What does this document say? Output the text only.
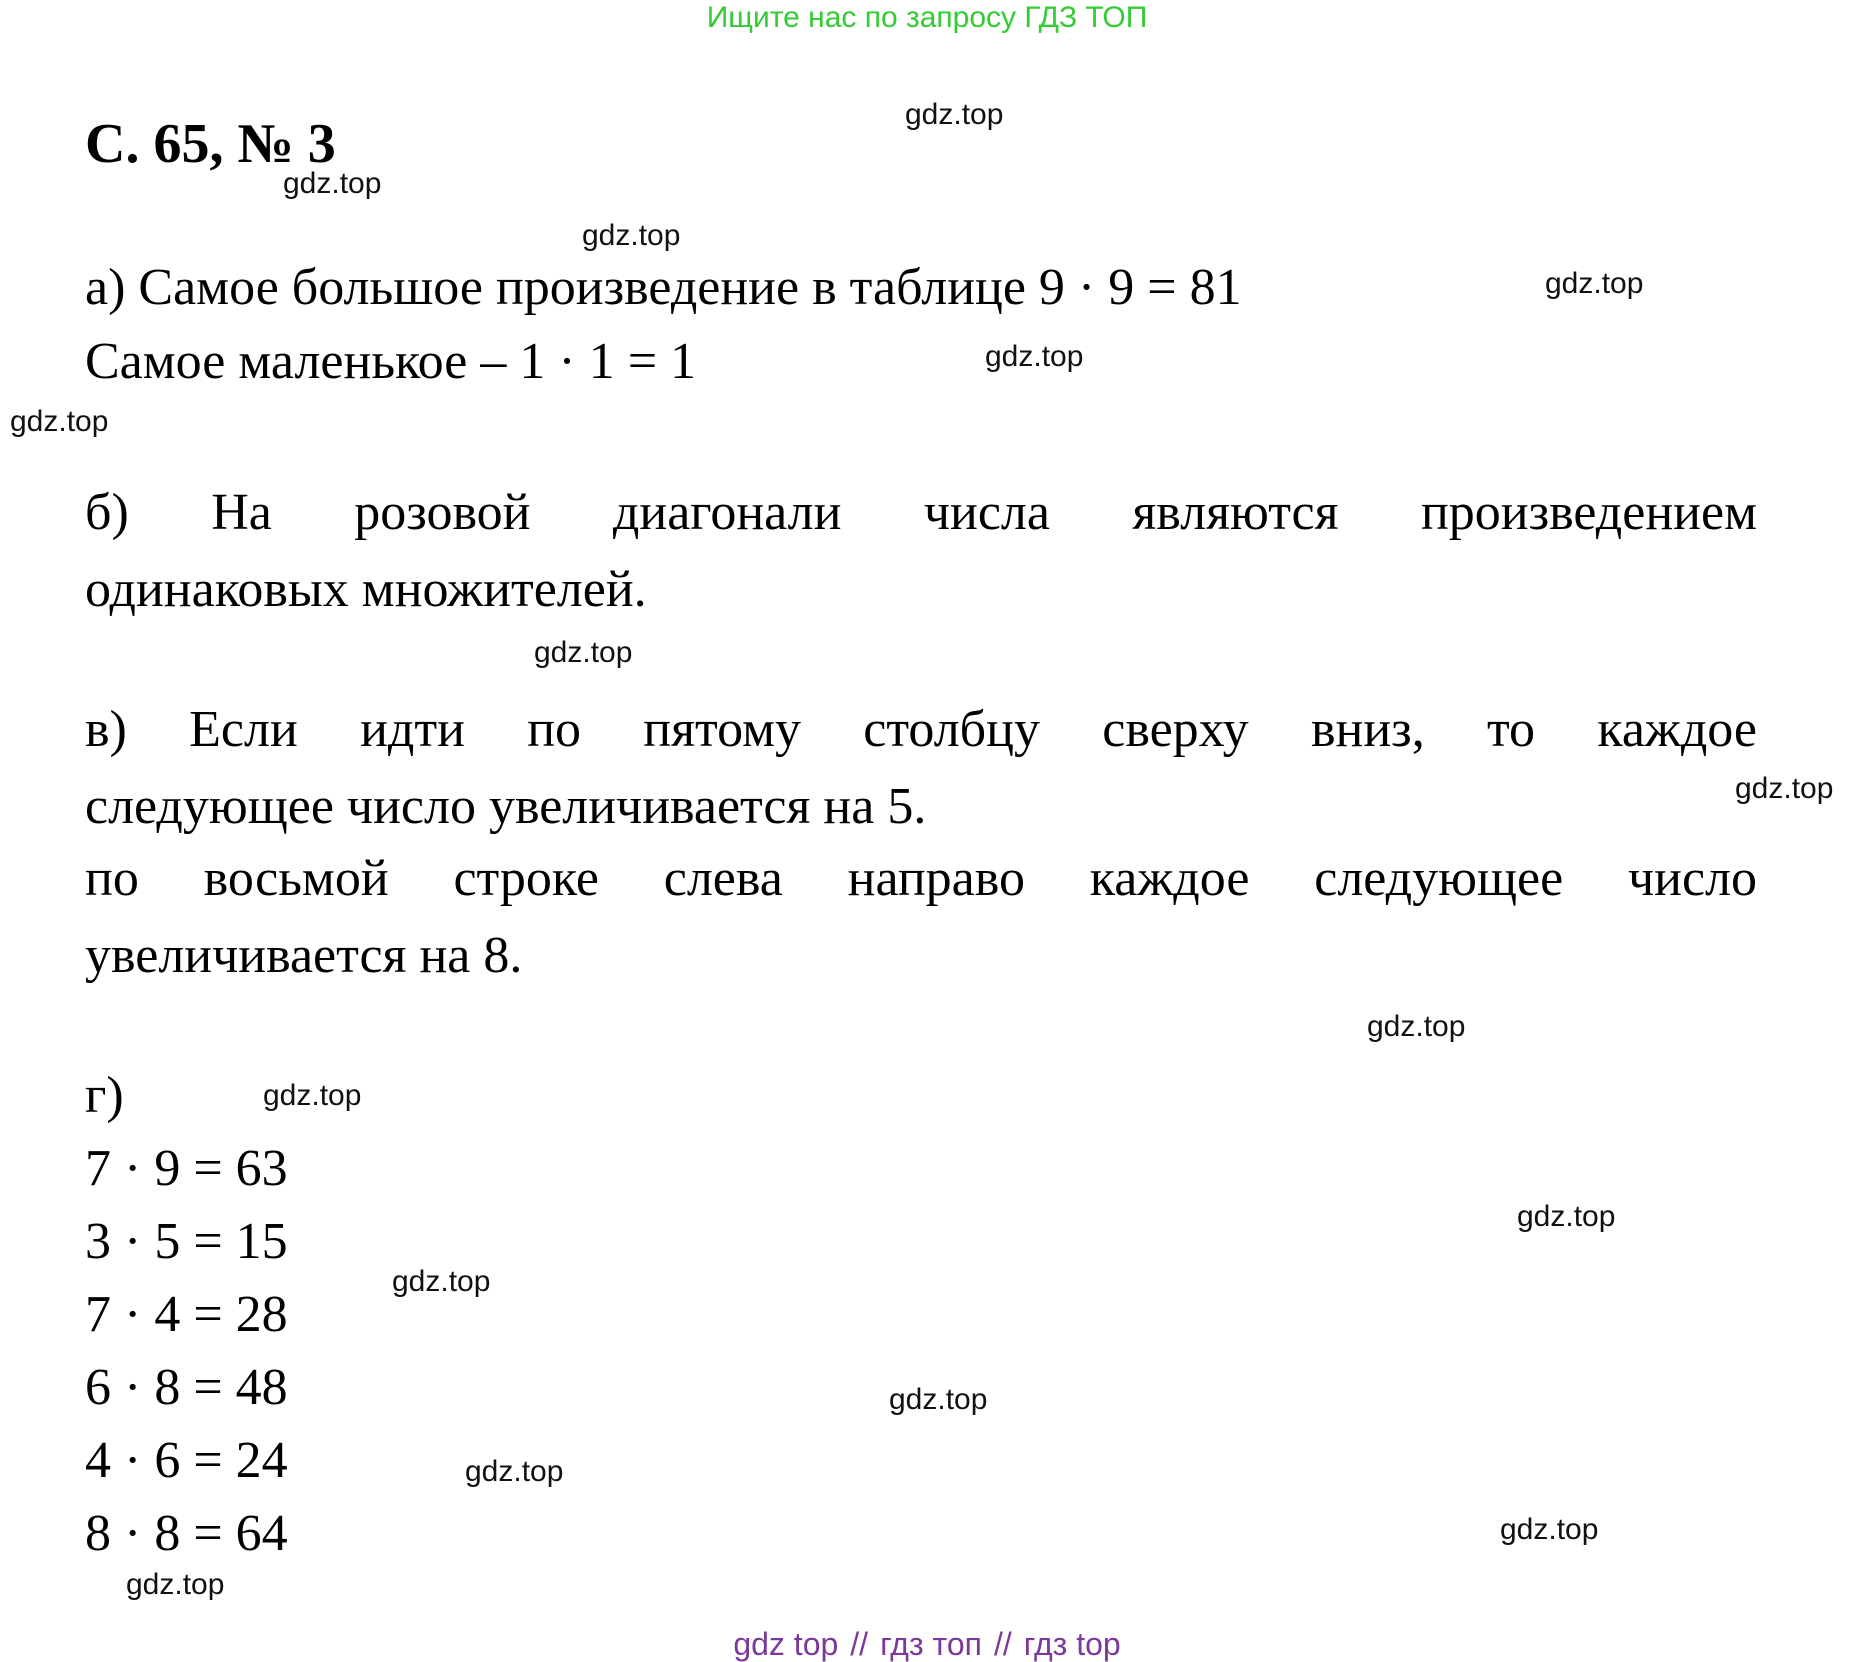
Ищите нас по запросу ГДЗ ТОП
С. 65, № 3
а) Самое большое произведение в таблице 9 · 9 = 81
Самое маленькое – 1 · 1 = 1
б) На розовой диагонали числа являются произведением
одинаковых множителей.
в) Если идти по пятому столбцу сверху вниз, то каждое
следующее число увеличивается на 5.
по восьмой строке слева направо каждое следующее число
увеличивается на 8.
г)
7 · 9 = 63
3 · 5 = 15
7 · 4 = 28
6 · 8 = 48
4 · 6 = 24
8 · 8 = 64
gdz.top
gdz.top
gdz.top
gdz.top
gdz.top
gdz.top
gdz.top
gdz.top
gdz.top
gdz.top
gdz.top
gdz.top
gdz.top
gdz.top
gdz.top
gdz.top
gdz top // гдз топ // гдз top
